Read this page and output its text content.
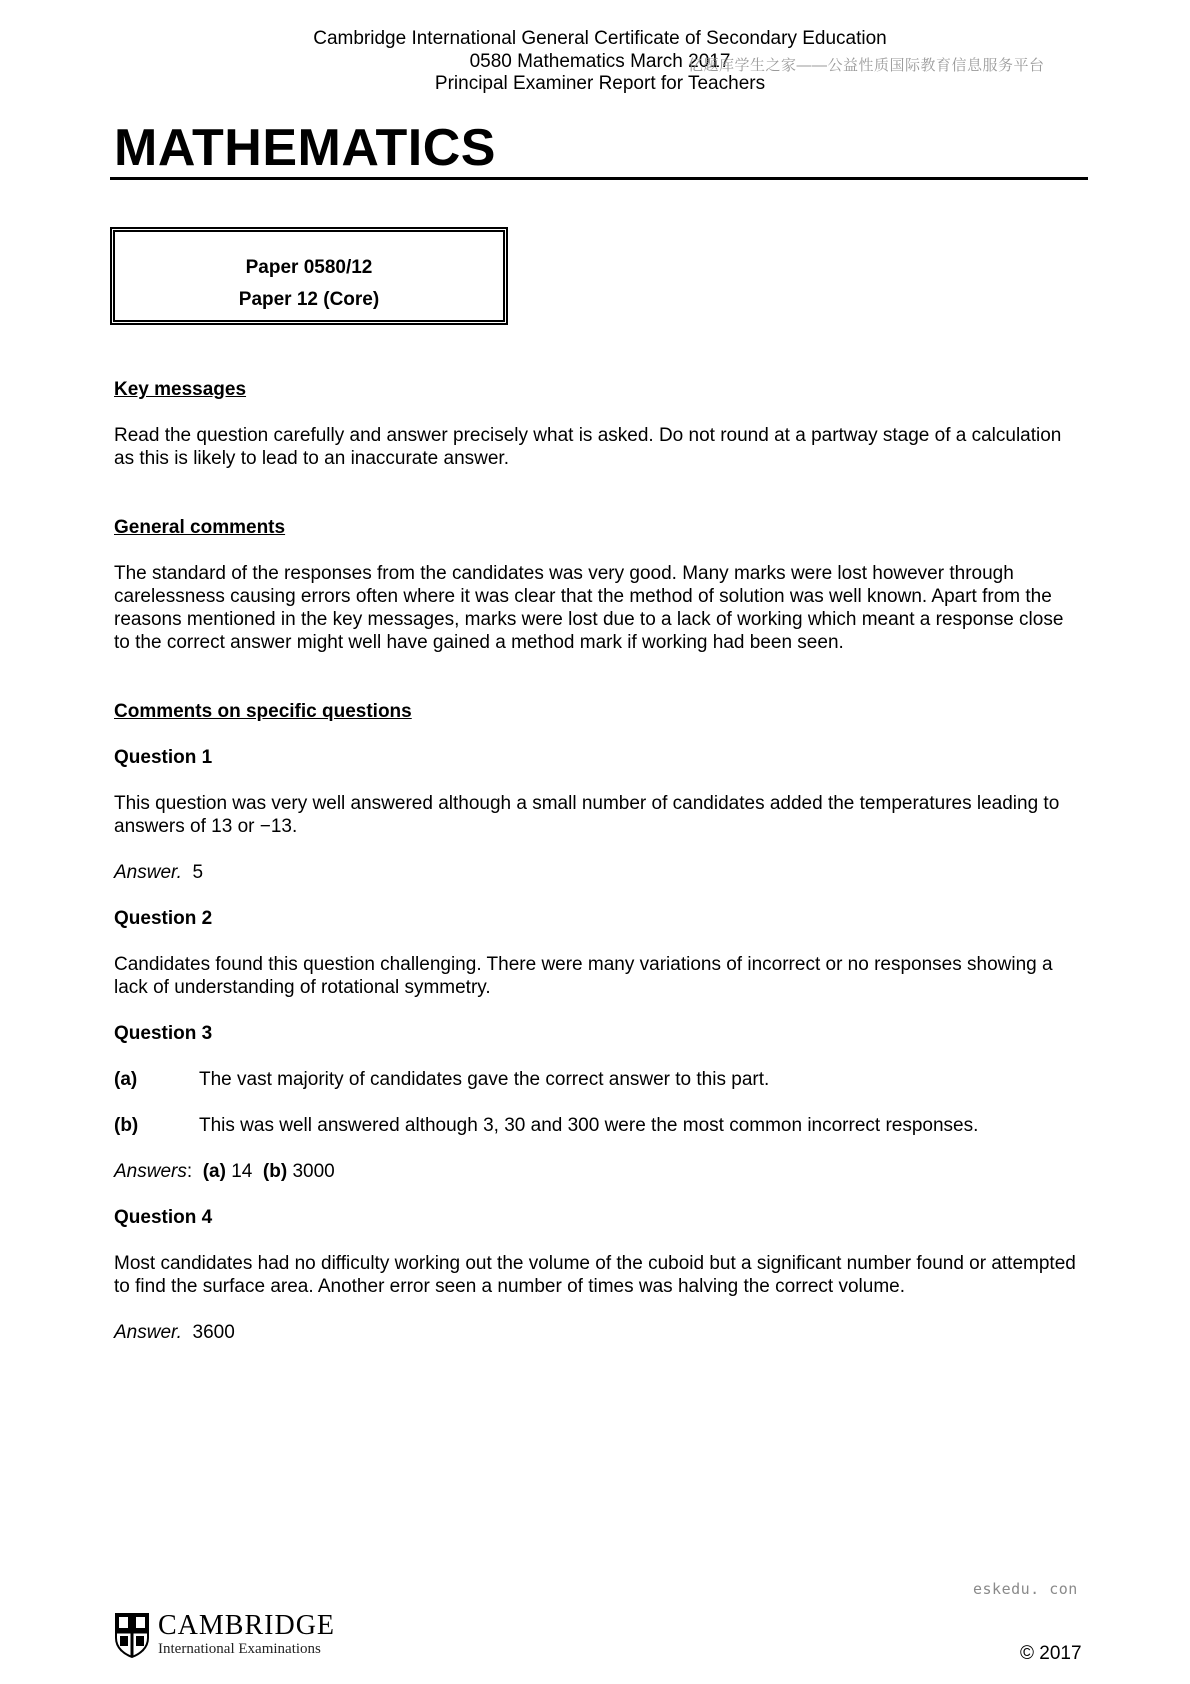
Cambridge International General Certificate of Secondary Education
0580 Mathematics March 2017
Principal Examiner Report for Teachers
亿题库学生之家——公益性质国际教育信息服务平台
MATHEMATICS
Paper 0580/12
Paper 12 (Core)

Key messages

Read the question carefully and answer precisely what is asked. Do not round at a partway stage of a calculation as this is likely to lead to an inaccurate answer.

General comments

The standard of the responses from the candidates was very good. Many marks were lost however through carelessness causing errors often where it was clear that the method of solution was well known. Apart from the reasons mentioned in the key messages, marks were lost due to a lack of working which meant a response close to the correct answer might well have gained a method mark if working had been seen.

Comments on specific questions

Question 1

This question was very well answered although a small number of candidates added the temperatures leading to answers of 13 or −13.

Answer. 5

Question 2

Candidates found this question challenging. There were many variations of incorrect or no responses showing a lack of understanding of rotational symmetry.

Question 3

(a)	The vast majority of candidates gave the correct answer to this part.
(b)	This was well answered although 3, 30 and 300 were the most common incorrect responses.

Answers:  (a) 14 (b) 3000

Question 4

Most candidates had no difficulty working out the volume of the cuboid but a significant number found or attempted to find the surface area. Another error seen a number of times was halving the correct volume.

Answer. 3600

eskedu. con
CAMBRIDGE
International Examinations	© 2017
